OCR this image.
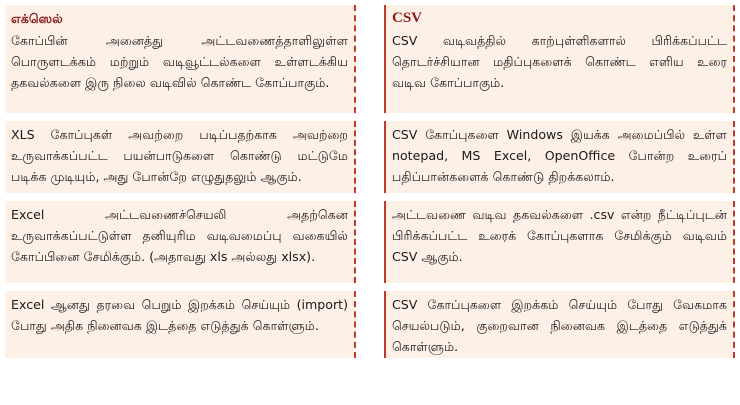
எக்ஸெல்
கோப்பின் அனைத்து அட்டவணைத்தாளிலுள்ள பொருளடக்கம் மற்றும் வடிவூட்டல்களை உள்ளடக்கிய தகவல்களை இரு நிலை வடிவில் கொண்ட கோப்பாகும்.
CSV
CSV வடிவத்தில் காற்புள்ளிகளால் பிரிக்கப்பட்ட தொடர்ச்சியான மதிப்புகளைக் கொண்ட எளிய உரை வடிவ கோப்பாகும்.
XLS கோப்புகள் அவற்றை படிப்பதற்காக அவற்றை உருவாக்கப்பட்ட பயன்பாடுகளை கொண்டு மட்டுமே படிக்க முடியும், அது போன்றே எழுதுதலும் ஆகும்.
CSV கோப்புகளை Windows இயக்க அமைப்பில் உள்ள notepad, MS Excel, OpenOffice போன்ற உரைப் பதிப்பான்களைக் கொண்டு திறக்கலாம்.
Excel அட்டவணைச்செயலி அதற்கென உருவாக்கப்பட்டுள்ள தனியுரிம வடிவமைப்பு வகையில் கோப்பினை சேமிக்கும். (அதாவது xls அல்லது xlsx).
அட்டவணை வடிவ தகவல்களை .csv என்ற நீட்டிப்புடன் பிரிக்கப்பட்ட உரைக் கோப்புகளாக சேமிக்கும் வடிவம் CSV ஆகும்.
Excel ஆனது தரவை பெறும் இறக்கம் செய்யும் (import) போது அதிக நினைவக இடத்தை எடுத்துக் கொள்ளும்.
CSV கோப்புகளை இறக்கம் செய்யும் போது வேகமாக செயல்படும், குறைவான நினைவக இடத்தை எடுத்துக் கொள்ளும்.
